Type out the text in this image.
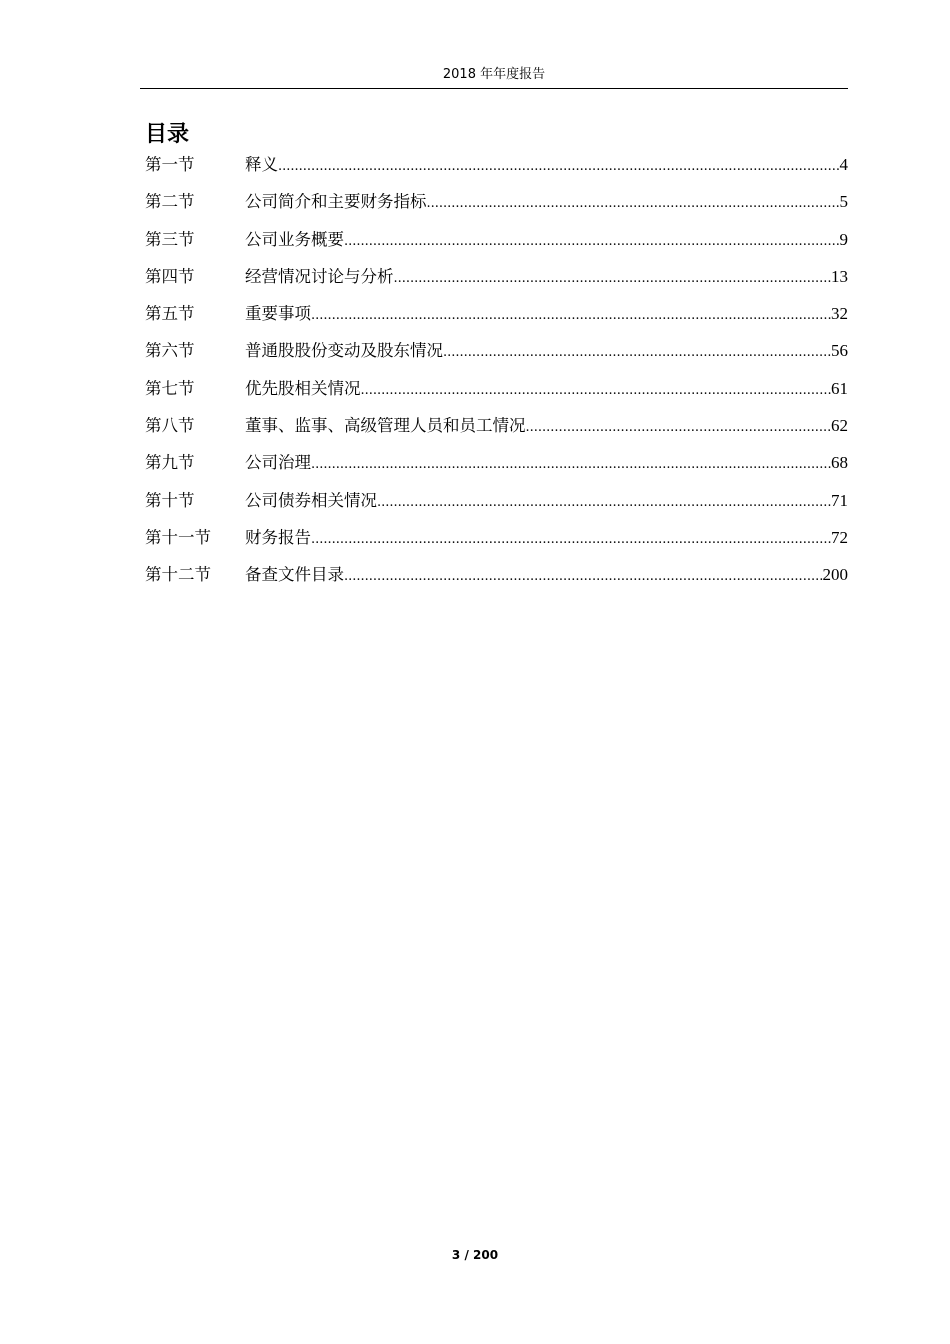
2018 年年度报告
目录
第一节	释义 .....	4
第二节	公司简介和主要财务指标 .....	5
第三节	公司业务概要 .....	9
第四节	经营情况讨论与分析 .....	13
第五节	重要事项 .....	32
第六节	普通股股份变动及股东情况 .....	56
第七节	优先股相关情况 .....	61
第八节	董事、监事、高级管理人员和员工情况 .....	62
第九节	公司治理 .....	68
第十节	公司债券相关情况 .....	71
第十一节	财务报告 .....	72
第十二节	备查文件目录 .....	200
3 / 200
